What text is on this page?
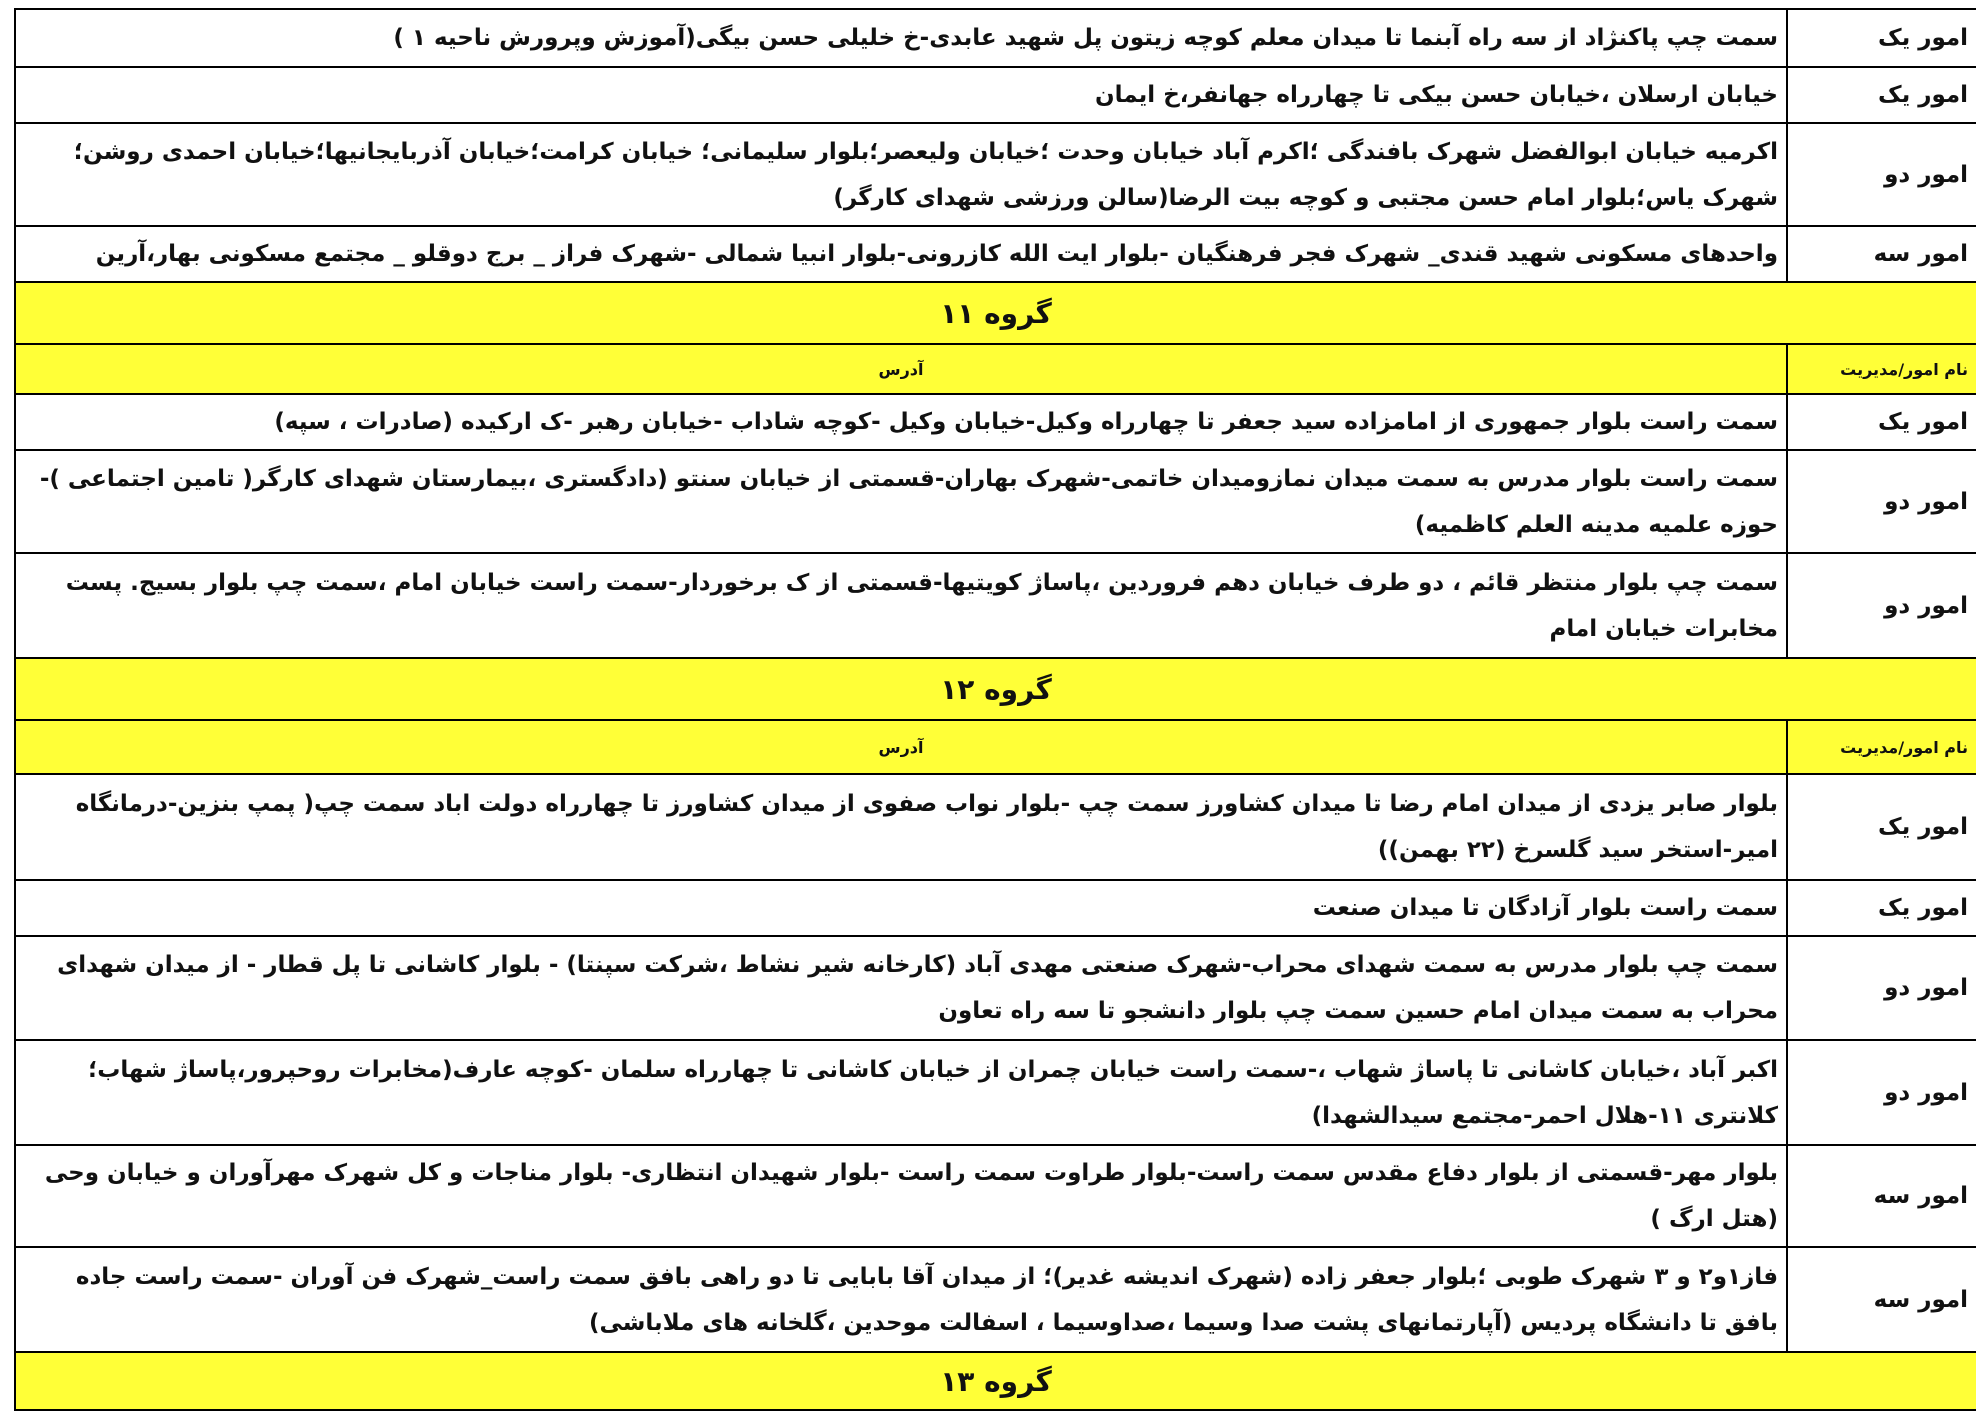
امور یک	سمت چپ پاکنژاد از سه راه آبنما تا میدان معلم کوچه زیتون پل شهید عابدی-خ خلیلی حسن بیگی(آموزش وپرورش ناحیه ۱ )
امور یک	خیابان ارسلان ،خیابان حسن بیکی تا چهارراه جهانفر،خ ایمان
امور دو	اکرمیه خیابان ابوالفضل شهرک بافندگی ؛اکرم آباد خیابان وحدت ؛خیابان ولیعصر؛بلوار سلیمانی؛ خیابان کرامت؛خیابان آذربایجانیها؛خیابان احمدی روشن؛شهرک یاس؛بلوار امام حسن مجتبی و کوچه بیت الرضا(سالن ورزشی شهدای کارگر)
امور سه	واحدهای مسکونی شهید قندی_ شهرک فجر فرهنگیان -بلوار ایت الله کازرونی-بلوار انبیا شمالی -شهرک فراز _ برج دوقلو _ مجتمع مسکونی بهار،آرین
گروه ۱۱	
نام امور/مدیریت	آدرس
امور یک	سمت راست بلوار جمهوری از امامزاده سید جعفر تا چهارراه وکیل-خیابان وکیل -کوچه شاداب -خیابان رهبر -ک ارکیده (صادرات ، سپه)
امور دو	سمت راست بلوار مدرس به سمت میدان نمازومیدان خاتمی-شهرک بهاران-قسمتی از خیابان سنتو (دادگستری ،بیمارستان شهدای کارگر( تامین اجتماعی )-حوزه علمیه مدینه العلم کاظمیه)
امور دو	سمت چپ بلوار منتظر قائم ، دو طرف خیابان دهم فروردین ،پاساژ کویتیها-قسمتی از ک برخوردار-سمت راست خیابان امام ،سمت چپ بلوار بسیج. پست مخابرات خیابان امام
گروه ۱۲	
نام امور/مدیریت	آدرس
امور یک	بلوار صابر یزدی از میدان امام رضا تا میدان کشاورز سمت چپ -بلوار نواب صفوی از میدان کشاورز تا چهارراه دولت اباد سمت چپ( پمپ بنزین-درمانگاه امیر-استخر سید گلسرخ (۲۲ بهمن))
امور یک	سمت راست بلوار آزادگان تا میدان صنعت
امور دو	سمت چپ بلوار مدرس به سمت شهدای محراب-شهرک صنعتی مهدی آباد (کارخانه شیر نشاط ،شرکت سپنتا) - بلوار کاشانی تا پل قطار - از میدان شهدای محراب به سمت میدان امام حسین سمت چپ بلوار دانشجو تا سه راه تعاون
امور دو	اکبر آباد ،خیابان کاشانی تا پاساژ شهاب ،-سمت راست خیابان چمران از خیابان کاشانی تا چهارراه سلمان -کوچه عارف(مخابرات روحپرور،پاساژ شهاب؛ کلانتری ۱۱-هلال احمر-مجتمع سیدالشهدا)
امور سه	بلوار مهر-قسمتی از بلوار دفاع مقدس سمت راست-بلوار طراوت سمت راست -بلوار شهیدان انتظاری- بلوار مناجات و کل شهرک مهرآوران و خیابان وحی (هتل ارگ )
امور سه	فاز۱و۲ و ۳ شهرک طوبی ؛بلوار جعفر زاده (شهرک اندیشه غدیر)؛ از میدان آقا بابایی تا دو راهی بافق سمت راست_شهرک فن آوران -سمت راست جاده بافق تا دانشگاه پردیس (آپارتمانهای پشت صدا وسیما ،صداوسیما ، اسفالت موحدین ،گلخانه های ملاباشی)
گروه ۱۳	
